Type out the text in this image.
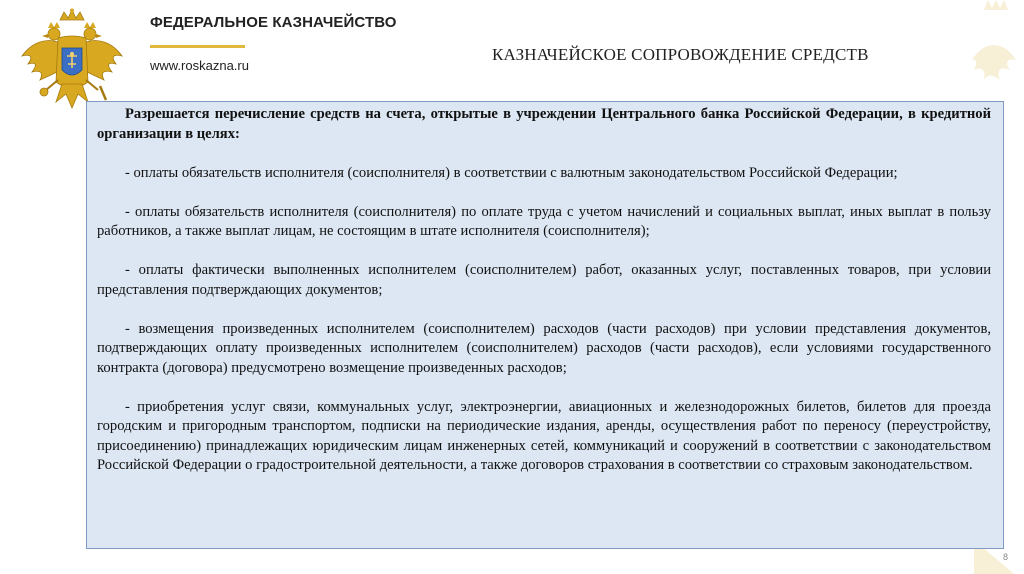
ФЕДЕРАЛЬНОЕ КАЗНАЧЕЙСТВО
www.roskazna.ru
КАЗНАЧЕЙСКОЕ СОПРОВОЖДЕНИЕ СРЕДСТВ

Разрешается перечисление средств на счета, открытые в учреждении Центрального банка Российской Федерации, в кредитной организации в целях:

- оплаты обязательств исполнителя (соисполнителя) в соответствии с валютным законодательством Российской Федерации;

- оплаты обязательств исполнителя (соисполнителя) по оплате труда с учетом начислений и социальных выплат, иных выплат в пользу работников, а также выплат лицам, не состоящим в штате исполнителя (соисполнителя);

- оплаты фактически выполненных исполнителем (соисполнителем) работ, оказанных услуг, поставленных товаров, при условии представления подтверждающих документов;

- возмещения произведенных исполнителем (соисполнителем) расходов (части расходов) при условии представления документов, подтверждающих оплату произведенных исполнителем (соисполнителем) расходов (части расходов), если условиями государственного контракта (договора) предусмотрено возмещение произведенных расходов;

- приобретения услуг связи, коммунальных услуг, электроэнергии, авиационных и железнодорожных билетов, билетов для проезда городским и пригородным транспортом, подписки на периодические издания, аренды, осуществления работ по переносу (переустройству, присоединению) принадлежащих юридическим лицам инженерных сетей, коммуникаций и сооружений в соответствии с законодательством Российской Федерации о градостроительной деятельности, а также договоров страхования в соответствии со страховым законодательством.

8
